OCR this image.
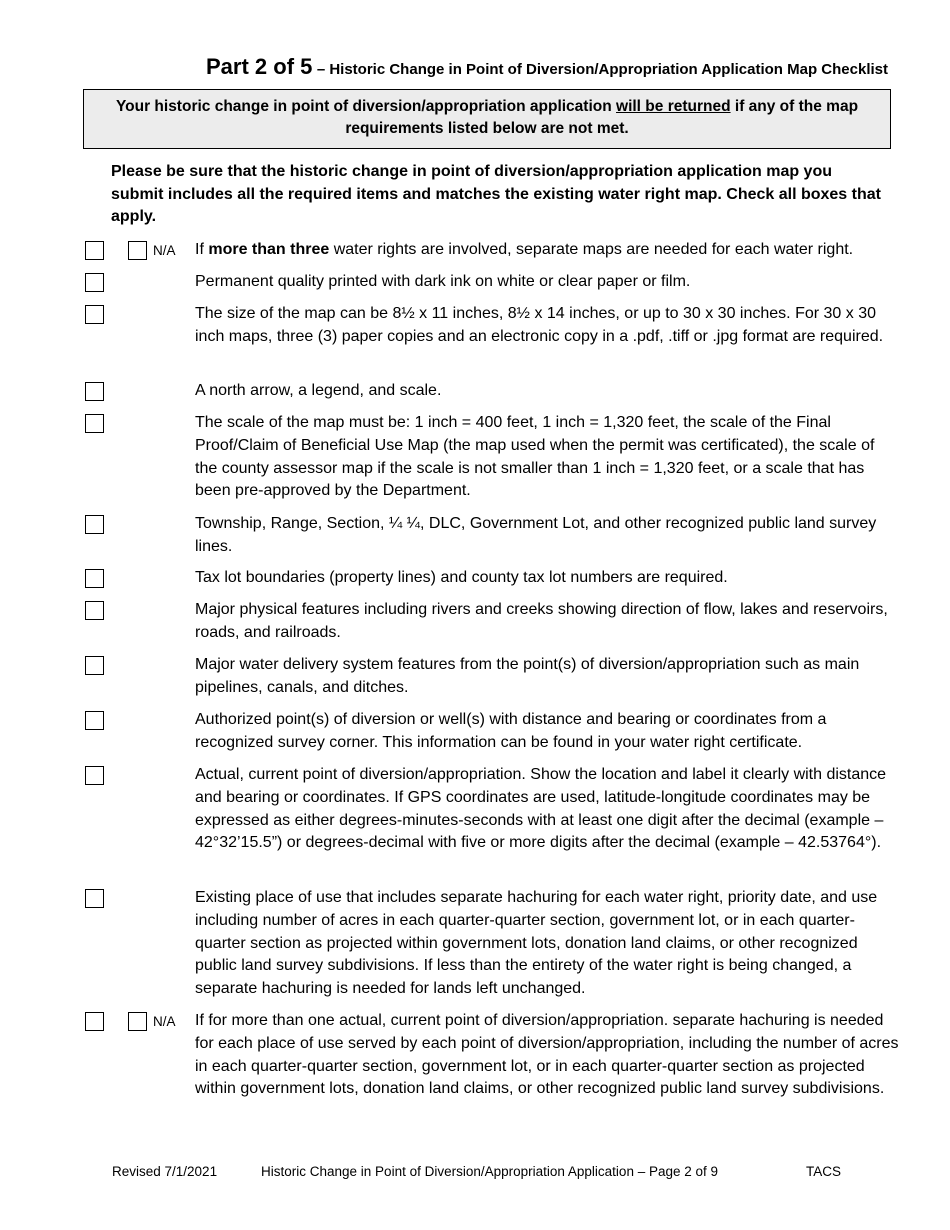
Part 2 of 5 – Historic Change in Point of Diversion/Appropriation Application Map Checklist
Your historic change in point of diversion/appropriation application will be returned if any of the map requirements listed below are not met.
Please be sure that the historic change in point of diversion/appropriation application map you submit includes all the required items and matches the existing water right map. Check all boxes that apply.
N/A If more than three water rights are involved, separate maps are needed for each water right.
Permanent quality printed with dark ink on white or clear paper or film.
The size of the map can be 8½ x 11 inches, 8½ x 14 inches, or up to 30 x 30 inches. For 30 x 30 inch maps, three (3) paper copies and an electronic copy in a .pdf, .tiff or .jpg format are required.
A north arrow, a legend, and scale.
The scale of the map must be: 1 inch = 400 feet, 1 inch = 1,320 feet, the scale of the Final Proof/Claim of Beneficial Use Map (the map used when the permit was certificated), the scale of the county assessor map if the scale is not smaller than 1 inch = 1,320 feet, or a scale that has been pre-approved by the Department.
Township, Range, Section, ¼ ¼, DLC, Government Lot, and other recognized public land survey lines.
Tax lot boundaries (property lines) and county tax lot numbers are required.
Major physical features including rivers and creeks showing direction of flow, lakes and reservoirs, roads, and railroads.
Major water delivery system features from the point(s) of diversion/appropriation such as main pipelines, canals, and ditches.
Authorized point(s) of diversion or well(s) with distance and bearing or coordinates from a recognized survey corner. This information can be found in your water right certificate.
Actual, current point of diversion/appropriation. Show the location and label it clearly with distance and bearing or coordinates. If GPS coordinates are used, latitude-longitude coordinates may be expressed as either degrees-minutes-seconds with at least one digit after the decimal (example – 42°32’15.5”) or degrees-decimal with five or more digits after the decimal (example – 42.53764°).
Existing place of use that includes separate hachuring for each water right, priority date, and use including number of acres in each quarter-quarter section, government lot, or in each quarter-quarter section as projected within government lots, donation land claims, or other recognized public land survey subdivisions. If less than the entirety of the water right is being changed, a separate hachuring is needed for lands left unchanged.
N/A If for more than one actual, current point of diversion/appropriation. separate hachuring is needed for each place of use served by each point of diversion/appropriation, including the number of acres in each quarter-quarter section, government lot, or in each quarter-quarter section as projected within government lots, donation land claims, or other recognized public land survey subdivisions.
Revised 7/1/2021	Historic Change in Point of Diversion/Appropriation Application – Page 2 of 9	TACS
